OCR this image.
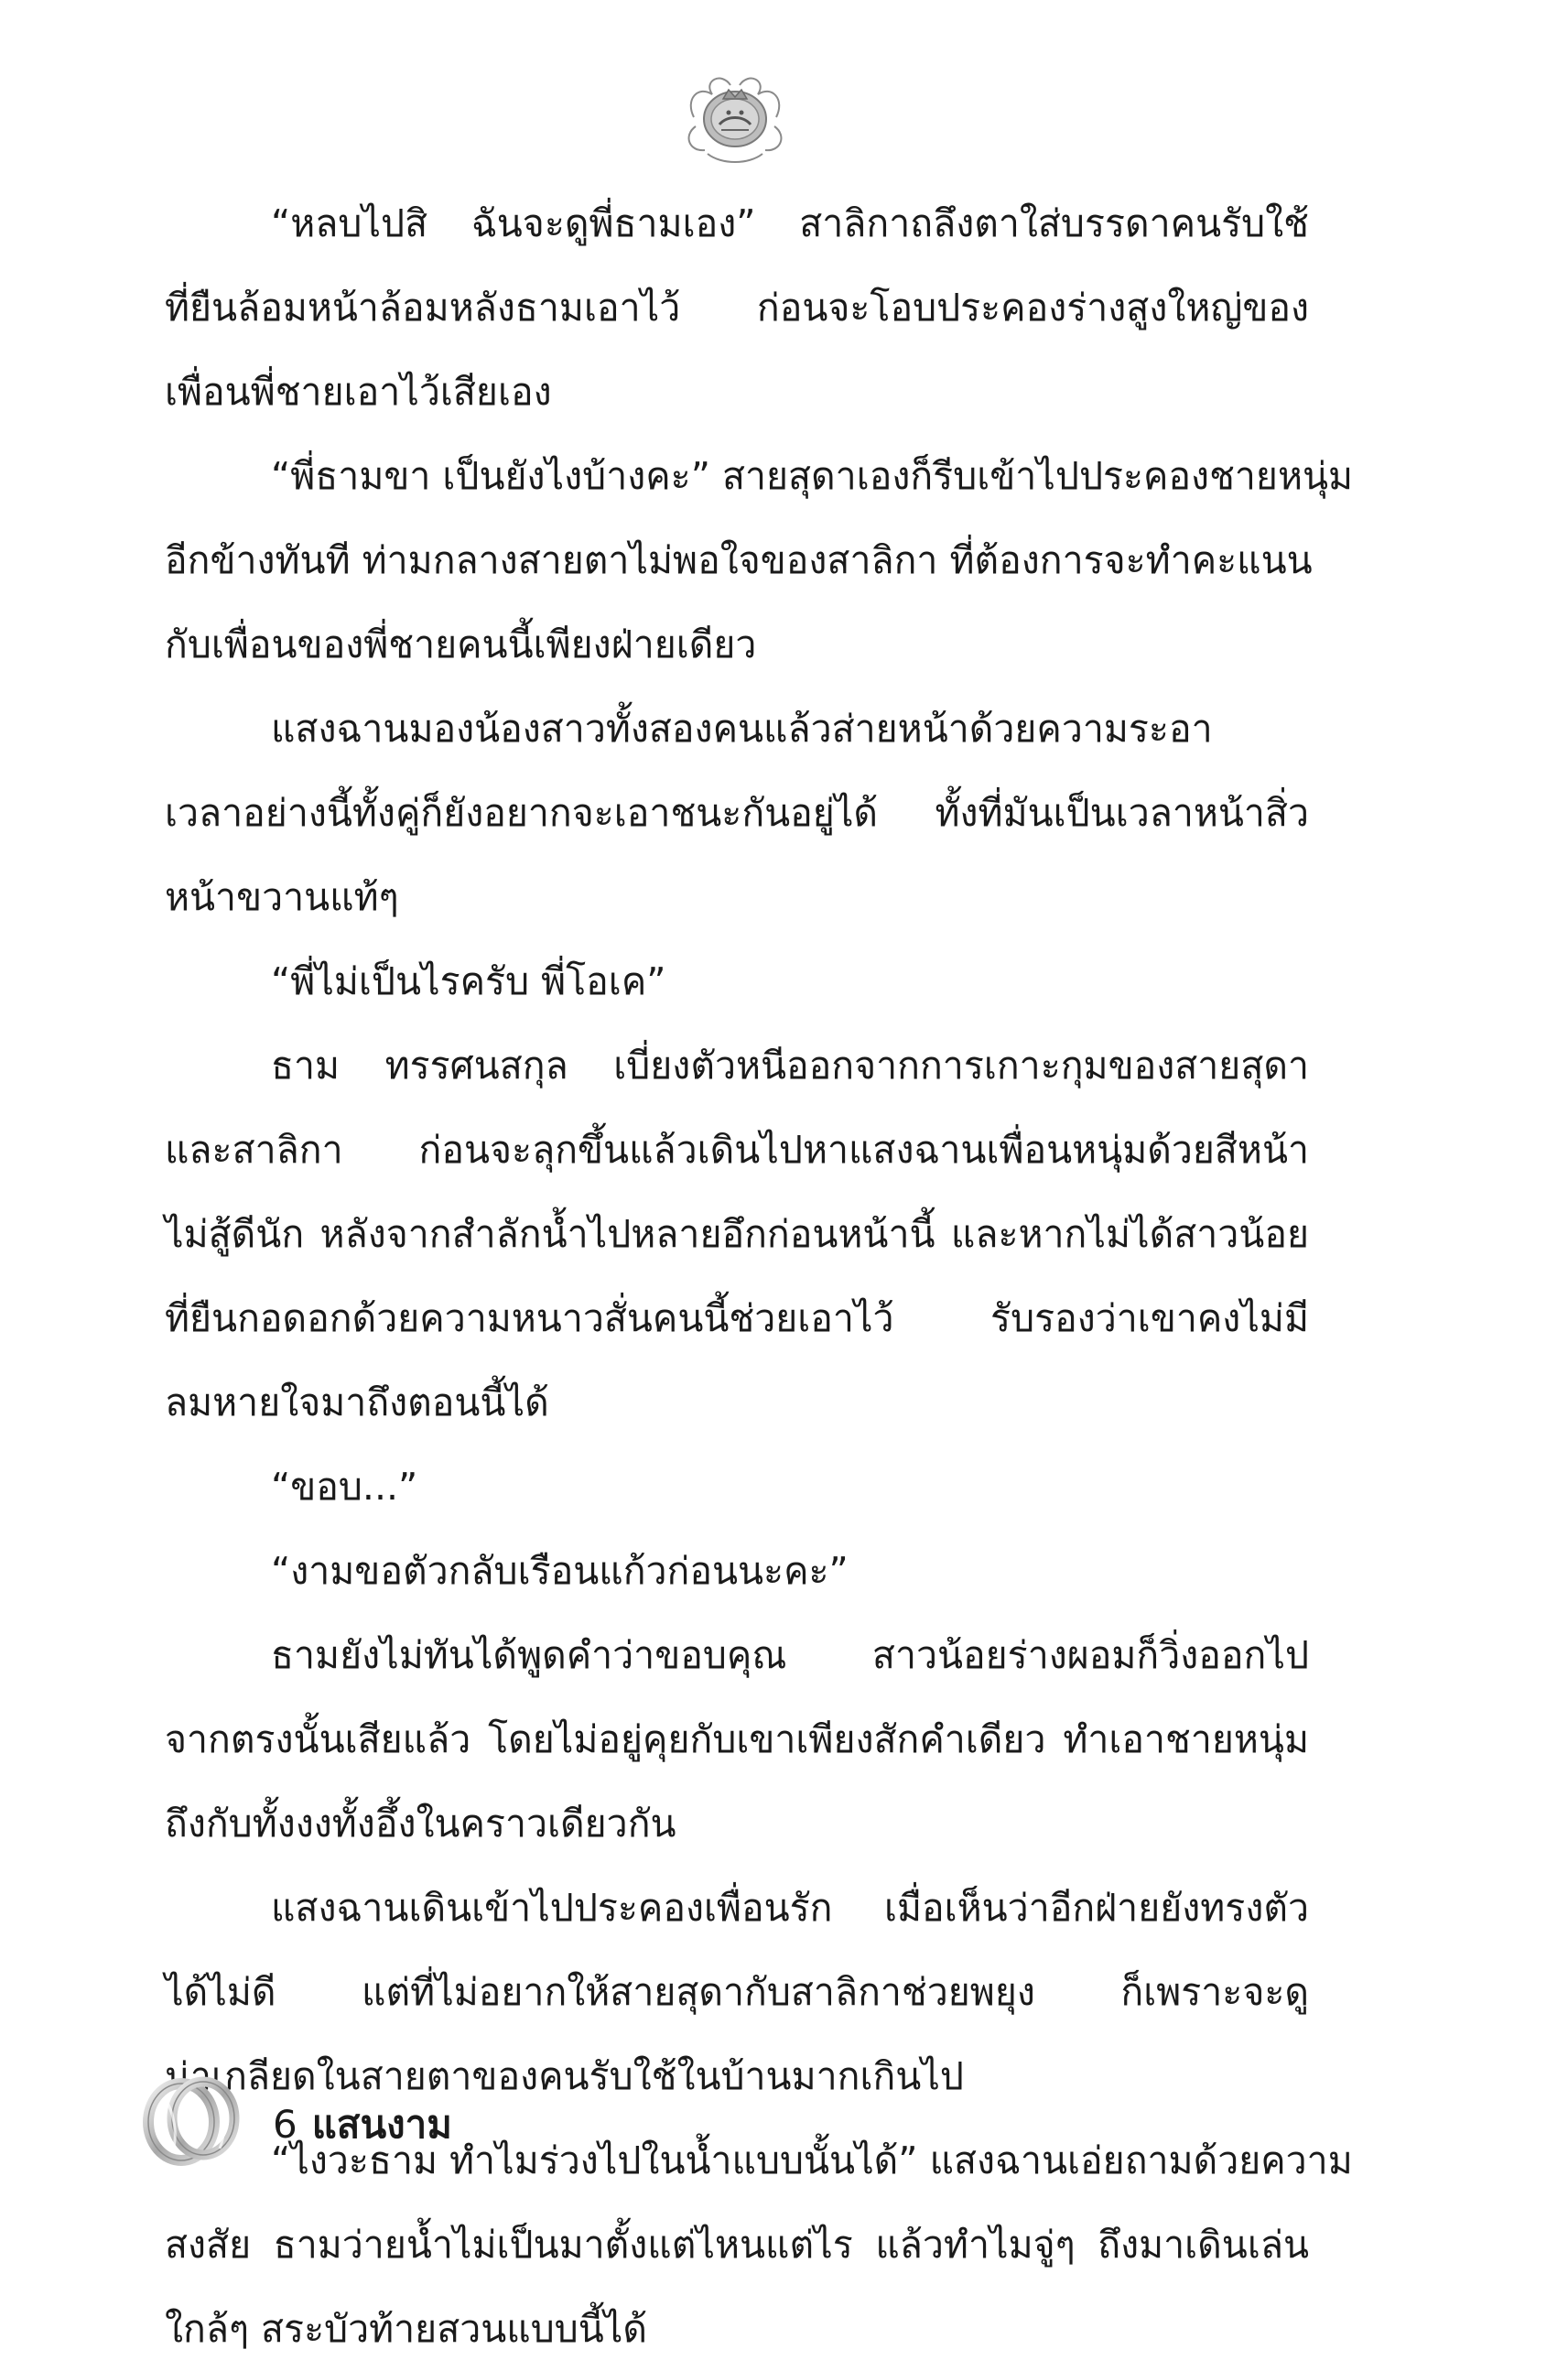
“หลบไปสิ ฉันจะดูพี่ธามเอง” สาลิกาถลึงตาใส่บรรดาคนรับใช้
ที่ยืนล้อมหน้าล้อมหลังธามเอาไว้ ก่อนจะโอบประคองร่างสูงใหญ่ของ
เพื่อนพี่ชายเอาไว้เสียเอง
“พี่ธามขา เป็นยังไงบ้างคะ” สายสุดาเองก็รีบเข้าไปประคองชายหนุ่ม
อีกข้างทันที ท่ามกลางสายตาไม่พอใจของสาลิกา ที่ต้องการจะทำคะแนน
กับเพื่อนของพี่ชายคนนี้เพียงฝ่ายเดียว
แสงฉานมองน้องสาวทั้งสองคนแล้วส่ายหน้าด้วยความระอา
เวลาอย่างนี้ทั้งคู่ก็ยังอยากจะเอาชนะกันอยู่ได้ ทั้งที่มันเป็นเวลาหน้าสิ่ว
หน้าขวานแท้ๆ
“พี่ไม่เป็นไรครับ พี่โอเค”
ธาม ทรรศนสกุล เบี่ยงตัวหนีออกจากการเกาะกุมของสายสุดา
และสาลิกา ก่อนจะลุกขึ้นแล้วเดินไปหาแสงฉานเพื่อนหนุ่มด้วยสีหน้า
ไม่สู้ดีนัก หลังจากสำลักน้ำไปหลายอึกก่อนหน้านี้ และหากไม่ได้สาวน้อย
ที่ยืนกอดอกด้วยความหนาวสั่นคนนี้ช่วยเอาไว้ รับรองว่าเขาคงไม่มี
ลมหายใจมาถึงตอนนี้ได้
“ขอบ...”
“งามขอตัวกลับเรือนแก้วก่อนนะคะ”
ธามยังไม่ทันได้พูดคำว่าขอบคุณ สาวน้อยร่างผอมก็วิ่งออกไป
จากตรงนั้นเสียแล้ว โดยไม่อยู่คุยกับเขาเพียงสักคำเดียว ทำเอาชายหนุ่ม
ถึงกับทั้งงงทั้งอึ้งในคราวเดียวกัน
แสงฉานเดินเข้าไปประคองเพื่อนรัก เมื่อเห็นว่าอีกฝ่ายยังทรงตัว
ได้ไม่ดี แต่ที่ไม่อยากให้สายสุดากับสาลิกาช่วยพยุง ก็เพราะจะดู
น่าเกลียดในสายตาของคนรับใช้ในบ้านมากเกินไป
“ไงวะธาม ทำไมร่วงไปในน้ำแบบนั้นได้” แสงฉานเอ่ยถามด้วยความ
สงสัย ธามว่ายน้ำไม่เป็นมาตั้งแต่ไหนแต่ไร แล้วทำไมจู่ๆ ถึงมาเดินเล่น
ใกล้ๆ สระบัวท้ายสวนแบบนี้ได้
6 แสนงาม
